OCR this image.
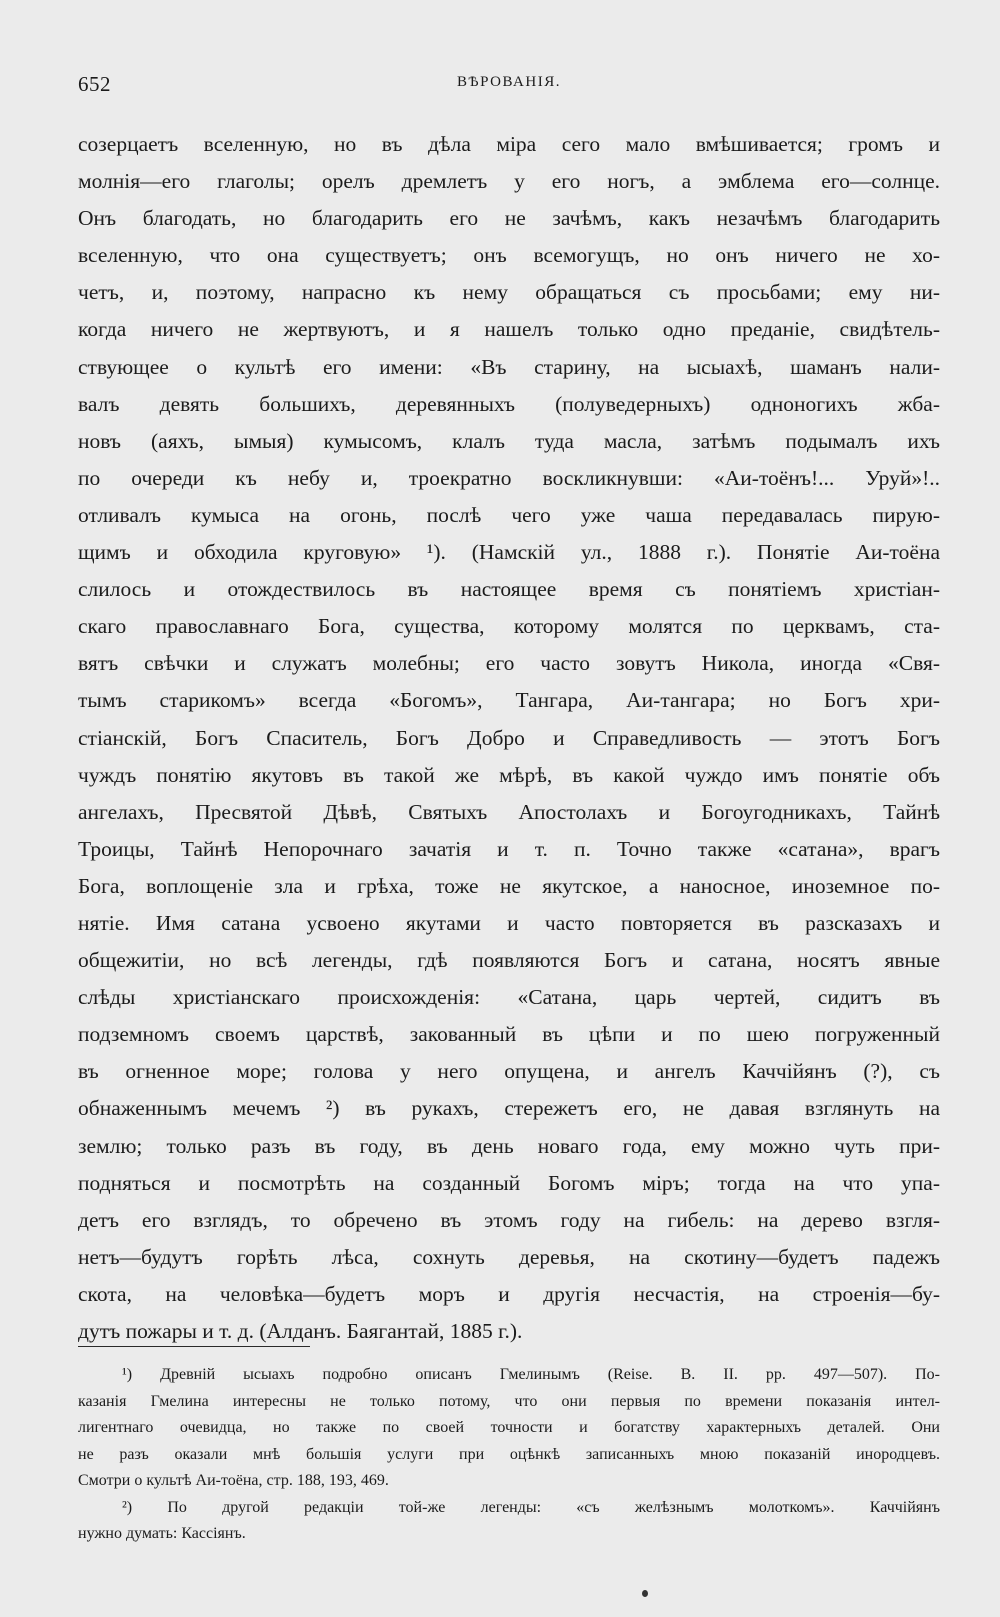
652	ВѢРОВАНІЯ.
созерцаетъ вселенную, но въ дѣла міра сего мало вмѣшивается; громъ и
молнія—его глаголы; орелъ дремлетъ у его ногъ, а эмблема его—солнце.
Онъ благодать, но благодарить его не зачѣмъ, какъ незачѣмъ благодарить
вселенную, что она существуетъ; онъ всемогущъ, но онъ ничего не хо-
четъ, и, поэтому, напрасно къ нему обращаться съ просьбами; ему ни-
когда ничего не жертвуютъ, и я нашелъ только одно преданіе, свидѣтель-
ствующее о культѣ его имени: «Въ старину, на ысыахѣ, шаманъ нали-
валъ девять большихъ, деревянныхъ (полуведерныхъ) одноногихъ жба-
новъ (аяхъ, ымыя) кумысомъ, клалъ туда масла, затѣмъ подымалъ ихъ
по очереди къ небу и, троекратно воскликнувши: «Аи-тоёнъ!... Уруй»!..
отливалъ кумыса на огонь, послѣ чего уже чаша передавалась пирую-
щимъ и обходила круговую» ¹). (Намскій ул., 1888 г.). Понятіе Аи-тоёна
слилось и отождествилось въ настоящее время съ понятіемъ христіан-
скаго православнаго Бога, существа, которому молятся по церквамъ, ста-
вятъ свѣчки и служатъ молебны; его часто зовутъ Никола, иногда «Свя-
тымъ старикомъ» всегда «Богомъ», Тангара, Аи-тангара; но Богъ хри-
стіанскій, Богъ Спаситель, Богъ Добро и Справедливость — этотъ Богъ
чуждъ понятію якутовъ въ такой же мѣрѣ, въ какой чуждо имъ понятіе объ
ангелахъ, Пресвятой Дѣвѣ, Святыхъ Апостолахъ и Богоугодникахъ, Тайнѣ
Троицы, Тайнѣ Непорочнаго зачатія и т. п. Точно также «сатана», врагъ
Бога, воплощеніе зла и грѣха, тоже не якутское, а наносное, иноземное по-
нятіе. Имя сатана усвоено якутами и часто повторяется въ разсказахъ и
общежитіи, но всѣ легенды, гдѣ появляются Богъ и сатана, носятъ явные
слѣды христіанскаго происхожденія: «Сатана, царь чертей, сидитъ въ
подземномъ своемъ царствѣ, закованный въ цѣпи и по шею погруженный
въ огненное море; голова у него опущена, и ангелъ Каччійянъ (?), съ
обнаженнымъ мечемъ ²) въ рукахъ, стережетъ его, не давая взглянуть на
землю; только разъ въ году, въ день новаго года, ему можно чуть при-
подняться и посмотрѣть на созданный Богомъ міръ; тогда на что упа-
детъ его взглядъ, то обречено въ этомъ году на гибель: на дерево взгля-
нетъ—будутъ горѣть лѣса, сохнуть деревья, на скотину—будетъ падежъ
скота, на человѣка—будетъ моръ и другія несчастія, на строенія—бу-
дутъ пожары и т. д. (Алданъ. Баягантай, 1885 г.).
¹) Древній ысыахъ подробно описанъ Гмелинымъ (Reise. B. II. pp. 497—507). По-
казанія Гмелина интересны не только потому, что они первыя по времени показанія интел-
лигентнаго очевидца, но также по своей точности и богатству характерныхъ деталей. Они
не разъ оказали мнѣ большія услуги при оцѣнкѣ записанныхъ мною показаній инородцевъ.
Смотри о культѣ Аи-тоёна, стр. 188, 193, 469.
²) По другой редакціи той-же легенды: «съ желѣзнымъ молоткомъ». Каччійянъ
нужно думать: Кассіянъ.
